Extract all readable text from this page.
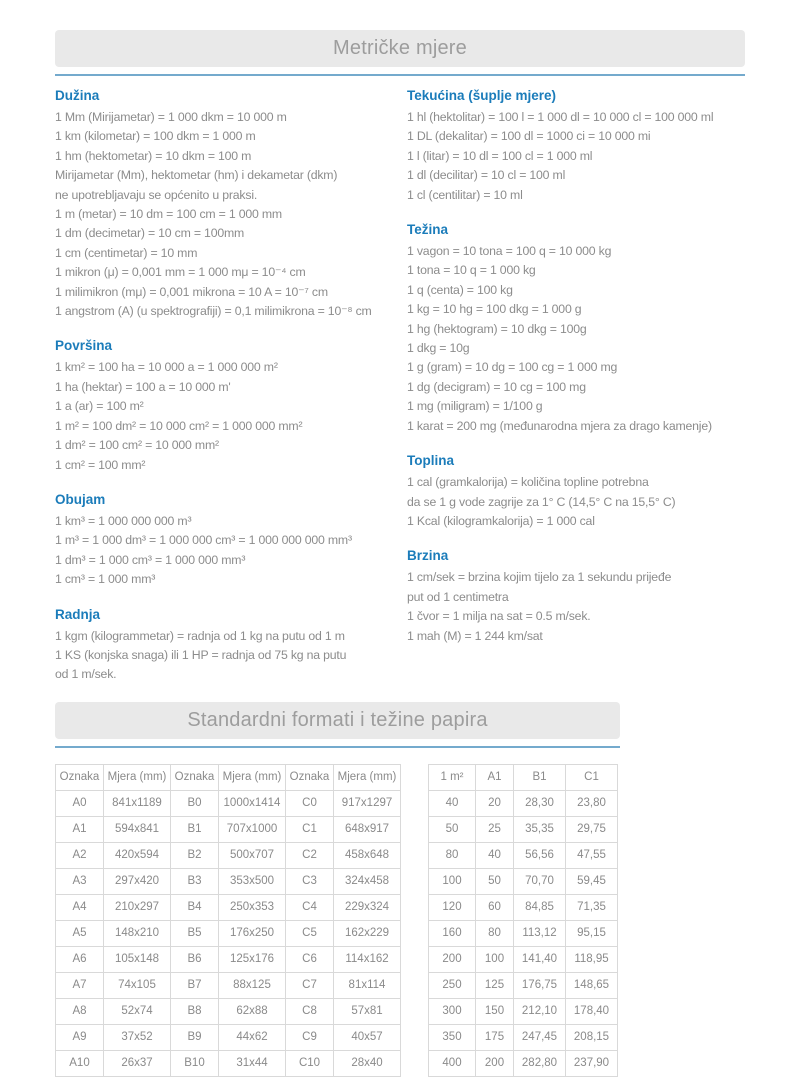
Metričke mjere
Dužina
1 Mm (Mirijametar) = 1 000 dkm = 10 000 m
1 km (kilometar) = 100 dkm = 1 000 m
1 hm (hektometar) = 10 dkm = 100 m
Mirijametar (Mm), hektometar (hm) i dekametar (dkm)
ne upotrebljavaju se općenito u praksi.
1 m (metar) = 10 dm = 100 cm = 1 000 mm
1 dm (decimetar) = 10 cm = 100mm
1 cm (centimetar) = 10 mm
1 mikron (μ) = 0,001 mm = 1 000 mμ = 10⁻⁴ cm
1 milimikron (mμ) = 0,001 mikrona = 10 A = 10⁻⁷ cm
1 angstrom (A) (u spektrografiji) = 0,1 milimikrona = 10⁻⁸ cm
Površina
1 km² = 100 ha = 10 000 a = 1 000 000 m²
1 ha (hektar) = 100 a = 10 000 m'
1 a (ar) = 100 m²
1 m² = 100 dm² = 10 000 cm² = 1 000 000 mm²
1 dm² = 100 cm² = 10 000 mm²
1 cm² = 100 mm²
Obujam
1 km³ = 1 000 000 000 m³
1 m³ = 1 000 dm³ = 1 000 000 cm³ = 1 000 000 000 mm³
1 dm³ = 1 000 cm³ = 1 000 000 mm³
1 cm³ = 1 000 mm³
Radnja
1 kgm (kilogrammetar) = radnja od 1 kg na putu od 1 m
1 KS (konjska snaga) ili 1 HP = radnja od 75 kg na putu
od 1 m/sek.
Tekućina (šuplje mjere)
1 hl (hektolitar) = 100 l = 1 000 dl = 10 000 cl = 100 000 ml
1 DL (dekalitar) = 100 dl = 1000 ci = 10 000 mi
1 l (litar) = 10 dl = 100 cl = 1 000 ml
1 dl (decilitar) = 10 cl = 100 ml
1 cl (centilitar) = 10 ml
Težina
1 vagon = 10 tona = 100 q = 10 000 kg
1 tona = 10 q = 1 000 kg
1 q (centa) = 100 kg
1 kg = 10 hg = 100 dkg = 1 000 g
1 hg (hektogram) = 10 dkg = 100g
1 dkg = 10g
1 g (gram) = 10 dg = 100 cg = 1 000 mg
1 dg (decigram) = 10 cg = 100 mg
1 mg (miligram) = 1/100 g
1 karat = 200 mg (međunarodna mjera za drago kamenje)
Toplina
1 cal (gramkalorija) = količina topline potrebna
da se 1 g vode zagrije za 1° C (14,5° C na 15,5° C)
1 Kcal (kilogramkalorija) = 1 000 cal
Brzina
1 cm/sek = brzina kojim tijelo za 1 sekundu prijeđe
put od 1 centimetra
1 čvor = 1 milja na sat = 0.5 m/sek.
1 mah (M) = 1 244 km/sat
Standardni formati i težine papira
Oznaka	Mjera (mm)	Oznaka	Mjera (mm)	Oznaka	Mjera (mm)
A0	841x1189	B0	1000x1414	C0	917x1297
A1	594x841	B1	707x1000	C1	648x917
A2	420x594	B2	500x707	C2	458x648
A3	297x420	B3	353x500	C3	324x458
A4	210x297	B4	250x353	C4	229x324
A5	148x210	B5	176x250	C5	162x229
A6	105x148	B6	125x176	C6	114x162
A7	74x105	B7	88x125	C7	81x114
A8	52x74	B8	62x88	C8	57x81
A9	37x52	B9	44x62	C9	40x57
A10	26x37	B10	31x44	C10	28x40
1 m²	A1	B1	C1
40	20	28,30	23,80
50	25	35,35	29,75
80	40	56,56	47,55
100	50	70,70	59,45
120	60	84,85	71,35
160	80	113,12	95,15
200	100	141,40	118,95
250	125	176,75	148,65
300	150	212,10	178,40
350	175	247,45	208,15
400	200	282,80	237,90
